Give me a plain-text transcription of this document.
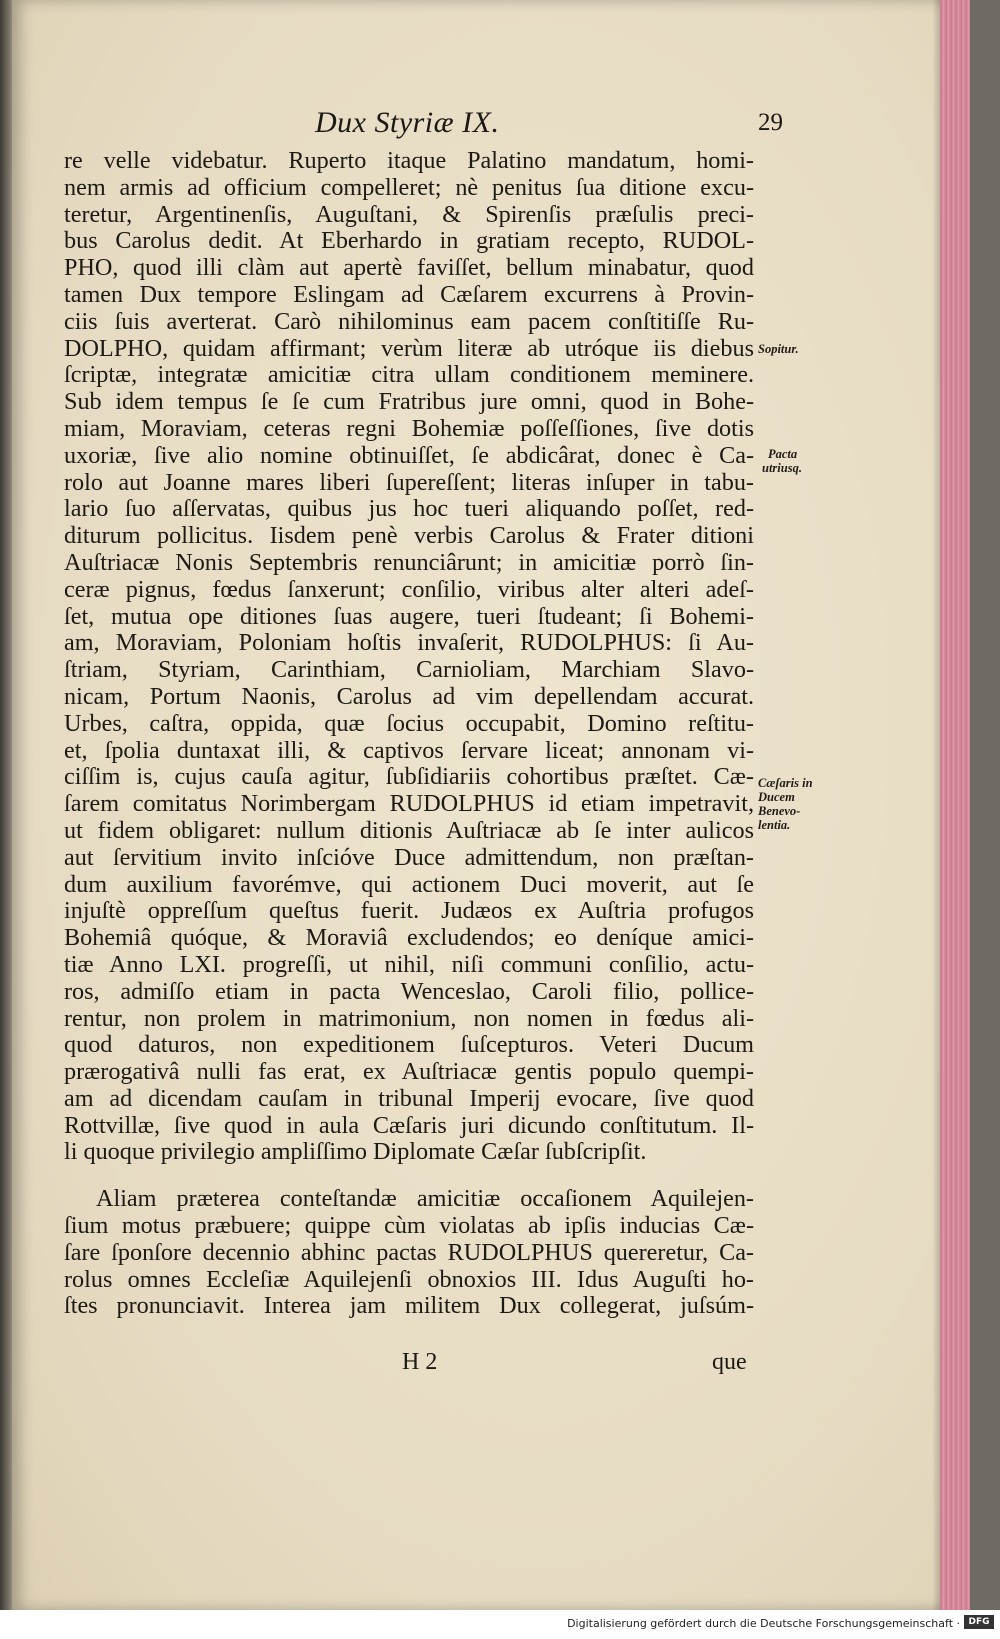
Dux Styriæ IX.	29
re velle videbatur. Ruperto itaque Palatino mandatum, homi-
nem armis ad officium compelleret; nè penitus ſua ditione excu-
teretur, Argentinenſis, Auguſtani, & Spirenſis præſulis preci-
bus Carolus dedit. At Eberhardo in gratiam recepto, RUDOL-
PHO, quod illi clàm aut apertè faviſſet, bellum minabatur, quod
tamen Dux tempore Eslingam ad Cæſarem excurrens à Provin-
ciis ſuis averterat. Carò nihilominus eam pacem conſtitiſſe Ru-
DOLPHO, quidam affirmant; verùm literæ ab utróque iis diebus
ſcriptæ, integratæ amicitiæ citra ullam conditionem meminere.
Sub idem tempus ſe ſe cum Fratribus jure omni, quod in Bohe-
miam, Moraviam, ceteras regni Bohemiæ poſſeſſiones, ſive dotis
uxoriæ, ſive alio nomine obtinuiſſet, ſe abdicârat, donec è Ca-
rolo aut Joanne mares liberi ſupereſſent; literas inſuper in tabu-
lario ſuo aſſervatas, quibus jus hoc tueri aliquando poſſet, red-
diturum pollicitus. Iisdem penè verbis Carolus & Frater ditioni
Auſtriacæ Nonis Septembris renunciârunt; in amicitiæ porrò ſin-
ceræ pignus, fœdus ſanxerunt; conſilio, viribus alter alteri adeſ-
ſet, mutua ope ditiones ſuas augere, tueri ſtudeant; ſi Bohemi-
am, Moraviam, Poloniam hoſtis invaſerit, RUDOLPHUS: ſi Au-
ſtriam, Styriam, Carinthiam, Carnioliam, Marchiam Slavo-
nicam, Portum Naonis, Carolus ad vim depellendam accurat.
Urbes, caſtra, oppida, quæ ſocius occupabit, Domino reſtitu-
et, ſpolia duntaxat illi, & captivos ſervare liceat; annonam vi-
ciſſim is, cujus cauſa agitur, ſubſidiariis cohortibus præſtet. Cæ-
ſarem comitatus Norimbergam RUDOLPHUS id etiam impetravit,
ut fidem obligaret: nullum ditionis Auſtriacæ ab ſe inter aulicos
aut ſervitium invito inſcióve Duce admittendum, non præſtan-
dum auxilium favorémve, qui actionem Duci moverit, aut ſe
injuſtè oppreſſum queſtus fuerit. Judæos ex Auſtria profugos
Bohemiâ quóque, & Moraviâ excludendos; eo deníque amici-
tiæ Anno LXI. progreſſi, ut nihil, niſi communi conſilio, actu-
ros, admiſſo etiam in pacta Wenceslao, Caroli filio, pollice-
rentur, non prolem in matrimonium, non nomen in fœdus ali-
quod daturos, non expeditionem ſuſcepturos. Veteri Ducum
prærogativâ nulli fas erat, ex Auſtriacæ gentis populo quempi-
am ad dicendam cauſam in tribunal Imperij evocare, ſive quod
Rottvillæ, ſive quod in aula Cæſaris juri dicundo conſtitutum. Il-
li quoque privilegio ampliſſimo Diplomate Cæſar ſubſcripſit.
Aliam præterea conteſtandæ amicitiæ occaſionem Aquilejen-
ſium motus præbuere; quippe cùm violatas ab ipſis inducias Cæ-
ſare ſponſore decennio abhinc pactas RUDOLPHUS quereretur, Ca-
rolus omnes Eccleſiæ Aquilejenſi obnoxios III. Idus Auguſti ho-
ſtes pronunciavit. Interea jam militem Dux collegerat, juſsúm-
Sopitur.
Pacta
utriusq.
Cæſaris in
Ducem
Benevo-
lentia.
H 2	que
Digitalisierung gefördert durch die Deutsche Forschungsgemeinschaft · DFG
